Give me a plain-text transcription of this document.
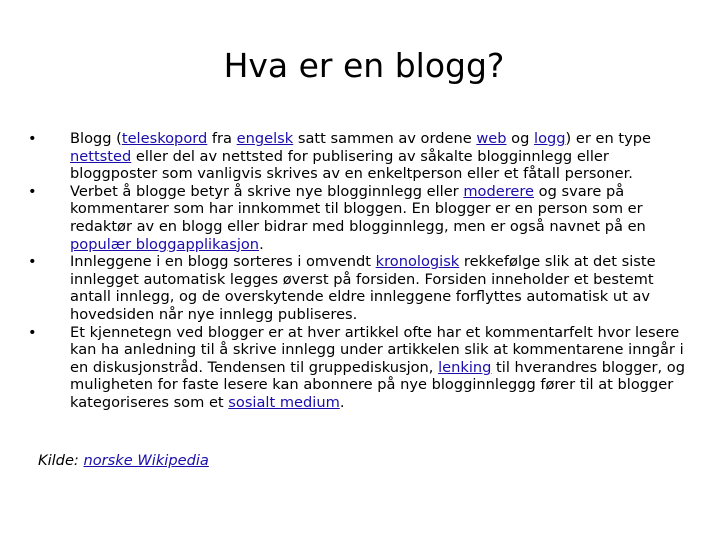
Hva er en blogg?
•	Blogg (teleskopord fra engelsk satt sammen av ordene web og logg) er en type nettsted eller del av nettsted for publisering av såkalte blogginnlegg eller bloggposter som vanligvis skrives av en enkeltperson eller et fåtall personer.
•	Verbet å blogge betyr å skrive nye blogginnlegg eller moderere og svare på kommentarer som har innkommet til bloggen. En blogger er en person som er redaktør av en blogg eller bidrar med blogginnlegg, men er også navnet på en populær bloggapplikasjon.
•	Innleggene i en blogg sorteres i omvendt kronologisk rekkefølge slik at det siste innlegget automatisk legges øverst på forsiden. Forsiden inneholder et bestemt antall innlegg, og de overskytende eldre innleggene forflyttes automatisk ut av hovedsiden når nye innlegg publiseres.
•	Et kjennetegn ved blogger er at hver artikkel ofte har et kommentarfelt hvor lesere kan ha anledning til å skrive innlegg under artikkelen slik at kommentarene inngår i en diskusjonstråd. Tendensen til gruppediskusjon, lenking til hverandres blogger, og muligheten for faste lesere kan abonnere på nye blogginnleggg fører til at blogger kategoriseres som et sosialt medium.

Kilde: norske Wikipedia
